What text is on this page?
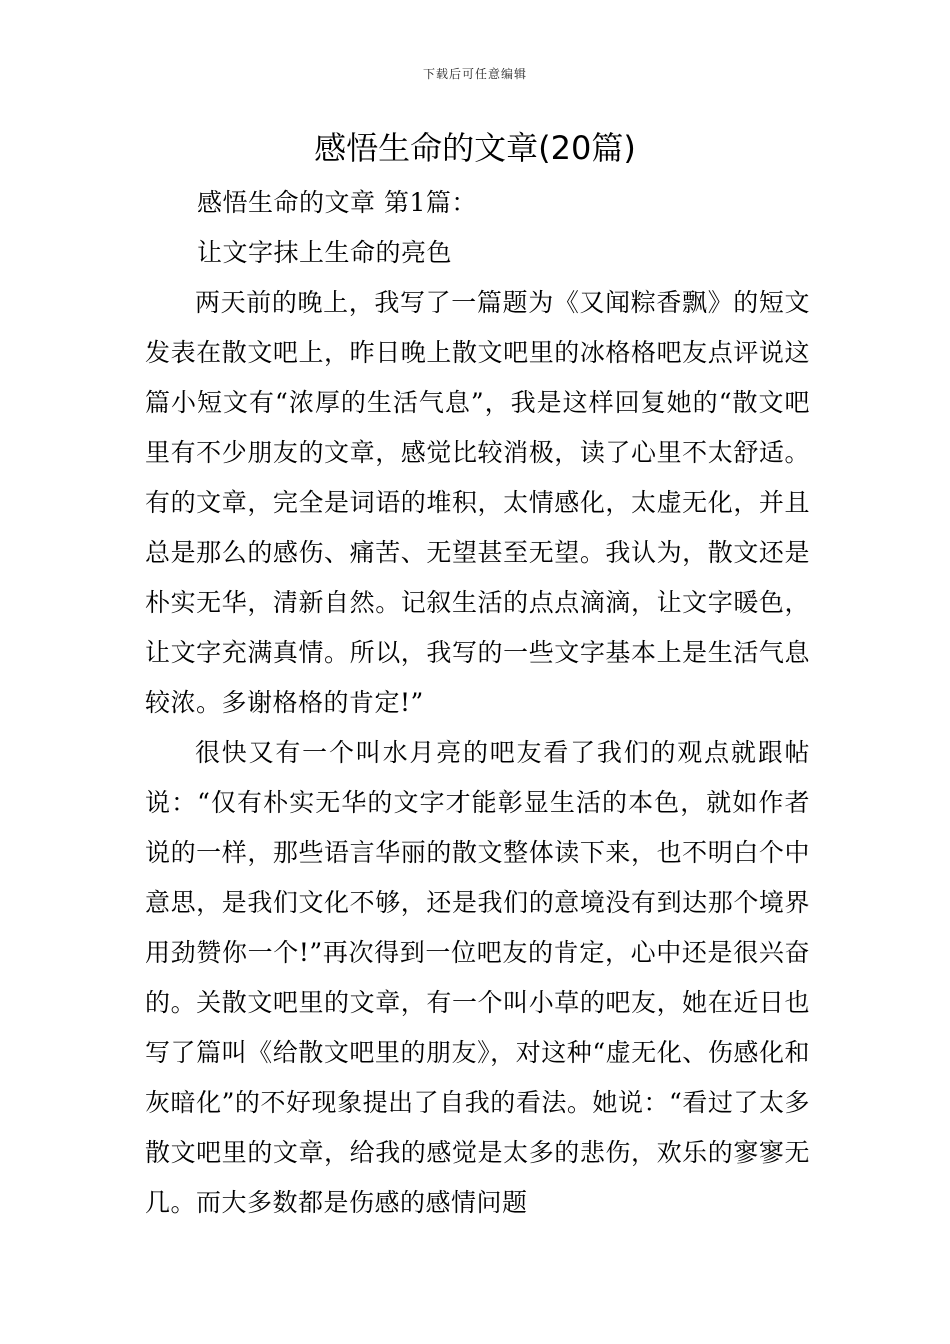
下载后可任意编辑
感悟生命的文章(20篇)

感悟生命的文章 第1篇：

让文字抹上生命的亮色

两天前的晚上，我写了一篇题为《又闻粽香飘》的短文发表在散文吧上，昨日晚上散文吧里的冰格格吧友点评说这篇小短文有“浓厚的生活气息”，我是这样回复她的“散文吧里有不少朋友的文章，感觉比较消极，读了心里不太舒适。有的文章，完全是词语的堆积，太情感化，太虚无化，并且总是那么的感伤、痛苦、无望甚至无望。我认为，散文还是朴实无华，清新自然。记叙生活的点点滴滴，让文字暖色，让文字充满真情。所以，我写的一些文字基本上是生活气息较浓。多谢格格的肯定!”

很快又有一个叫水月亮的吧友看了我们的观点就跟帖说：“仅有朴实无华的文字才能彰显生活的本色，就如作者说的一样，那些语言华丽的散文整体读下来，也不明白个中意思，是我们文化不够，还是我们的意境没有到达那个境界用劲赞你一个!”再次得到一位吧友的肯定，心中还是很兴奋的。关散文吧里的文章，有一个叫小草的吧友，她在近日也写了篇叫《给散文吧里的朋友》，对这种“虚无化、伤感化和灰暗化”的不好现象提出了自我的看法。她说：“看过了太多散文吧里的文章，给我的感觉是太多的悲伤，欢乐的寥寥无几。而大多数都是伤感的感情问题
